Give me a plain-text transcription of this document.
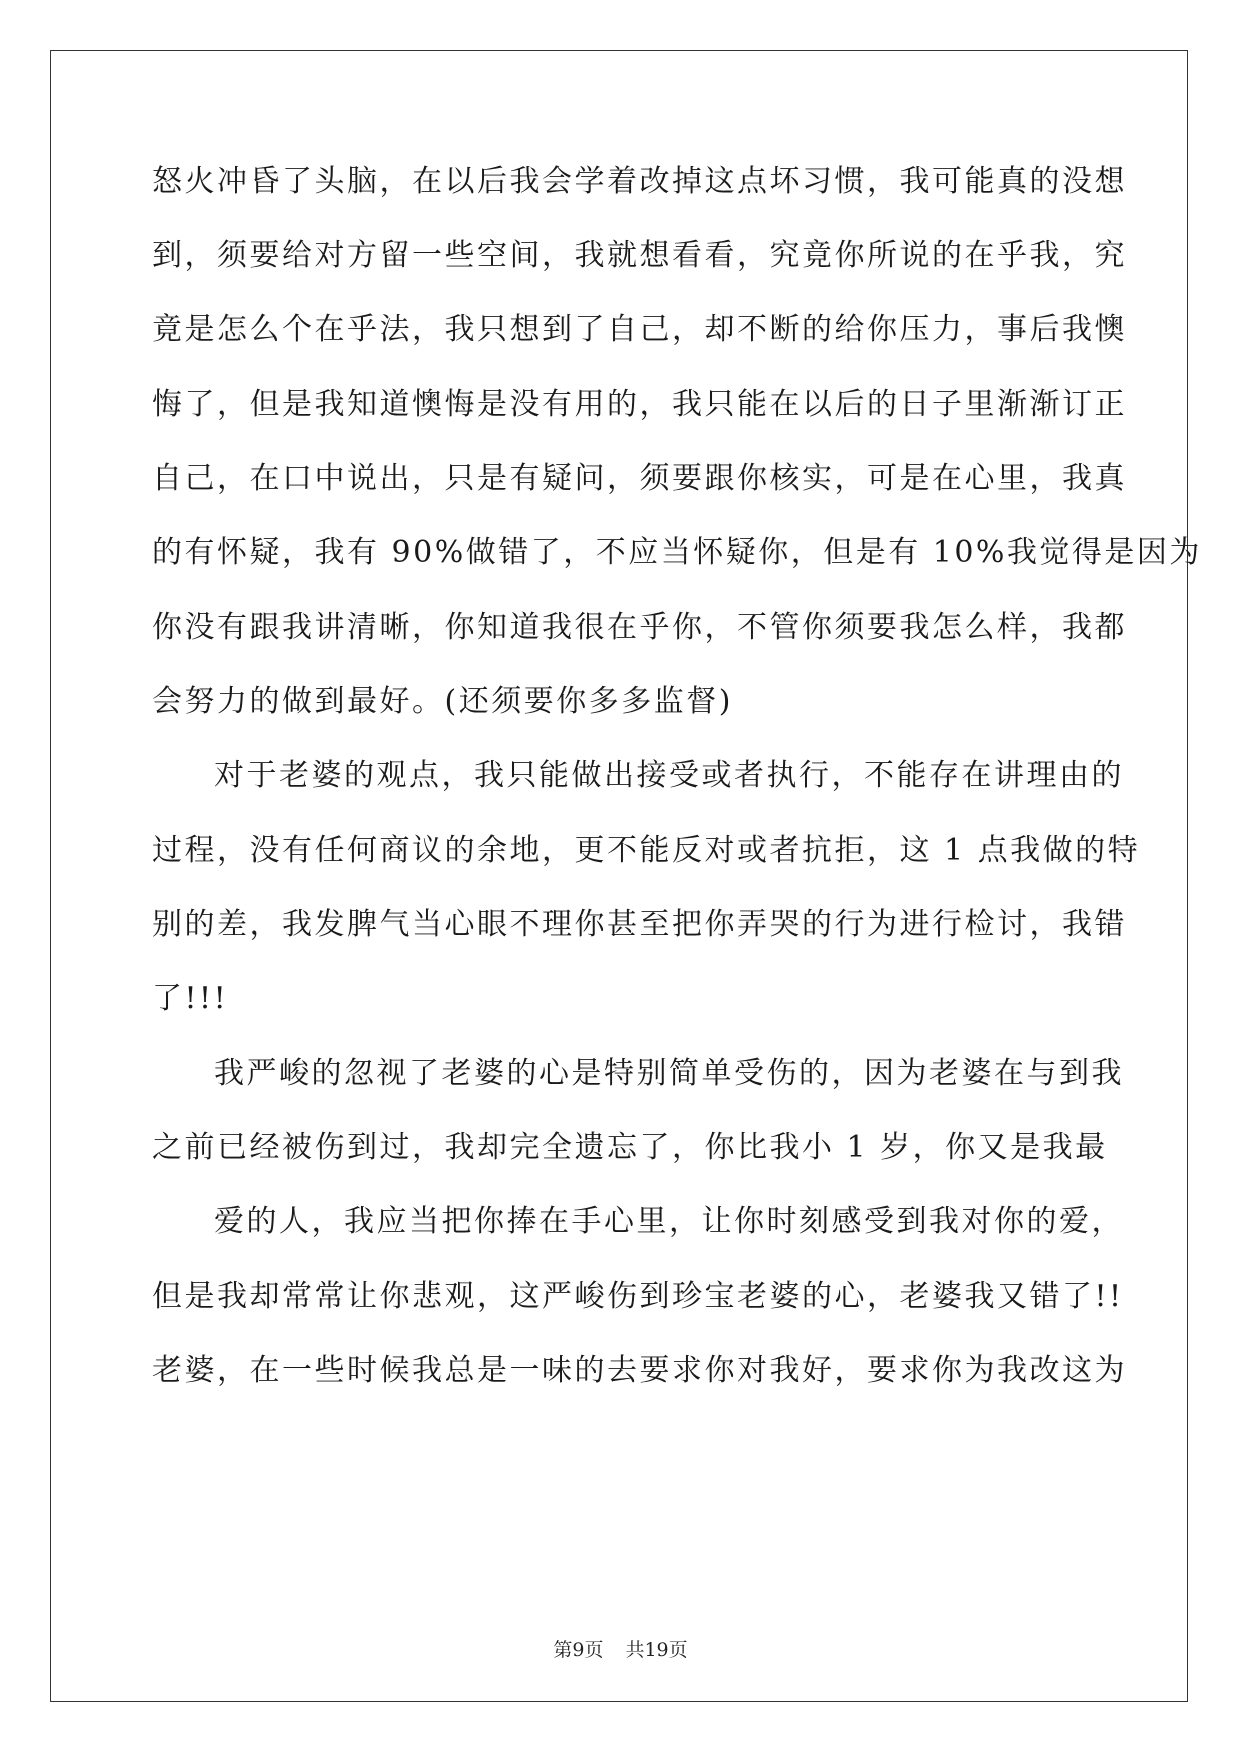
怒火冲昏了头脑，在以后我会学着改掉这点坏习惯，我可能真的没想
到，须要给对方留一些空间，我就想看看，究竟你所说的在乎我，究
竟是怎么个在乎法，我只想到了自己，却不断的给你压力，事后我懊
悔了，但是我知道懊悔是没有用的，我只能在以后的日子里渐渐订正
自己，在口中说出，只是有疑问，须要跟你核实，可是在心里，我真
的有怀疑，我有 90%做错了，不应当怀疑你，但是有 10%我觉得是因为
你没有跟我讲清晰，你知道我很在乎你，不管你须要我怎么样，我都
会努力的做到最好。(还须要你多多监督)
对于老婆的观点，我只能做出接受或者执行，不能存在讲理由的
过程，没有任何商议的余地，更不能反对或者抗拒，这 1 点我做的特
别的差，我发脾气当心眼不理你甚至把你弄哭的行为进行检讨，我错
了!!!
我严峻的忽视了老婆的心是特别简单受伤的，因为老婆在与到我
之前已经被伤到过，我却完全遗忘了，你比我小 1 岁，你又是我最
爱的人，我应当把你捧在手心里，让你时刻感受到我对你的爱，
但是我却常常让你悲观，这严峻伤到珍宝老婆的心，老婆我又错了!!
老婆，在一些时候我总是一味的去要求你对我好，要求你为我改这为
第9页 共19页
